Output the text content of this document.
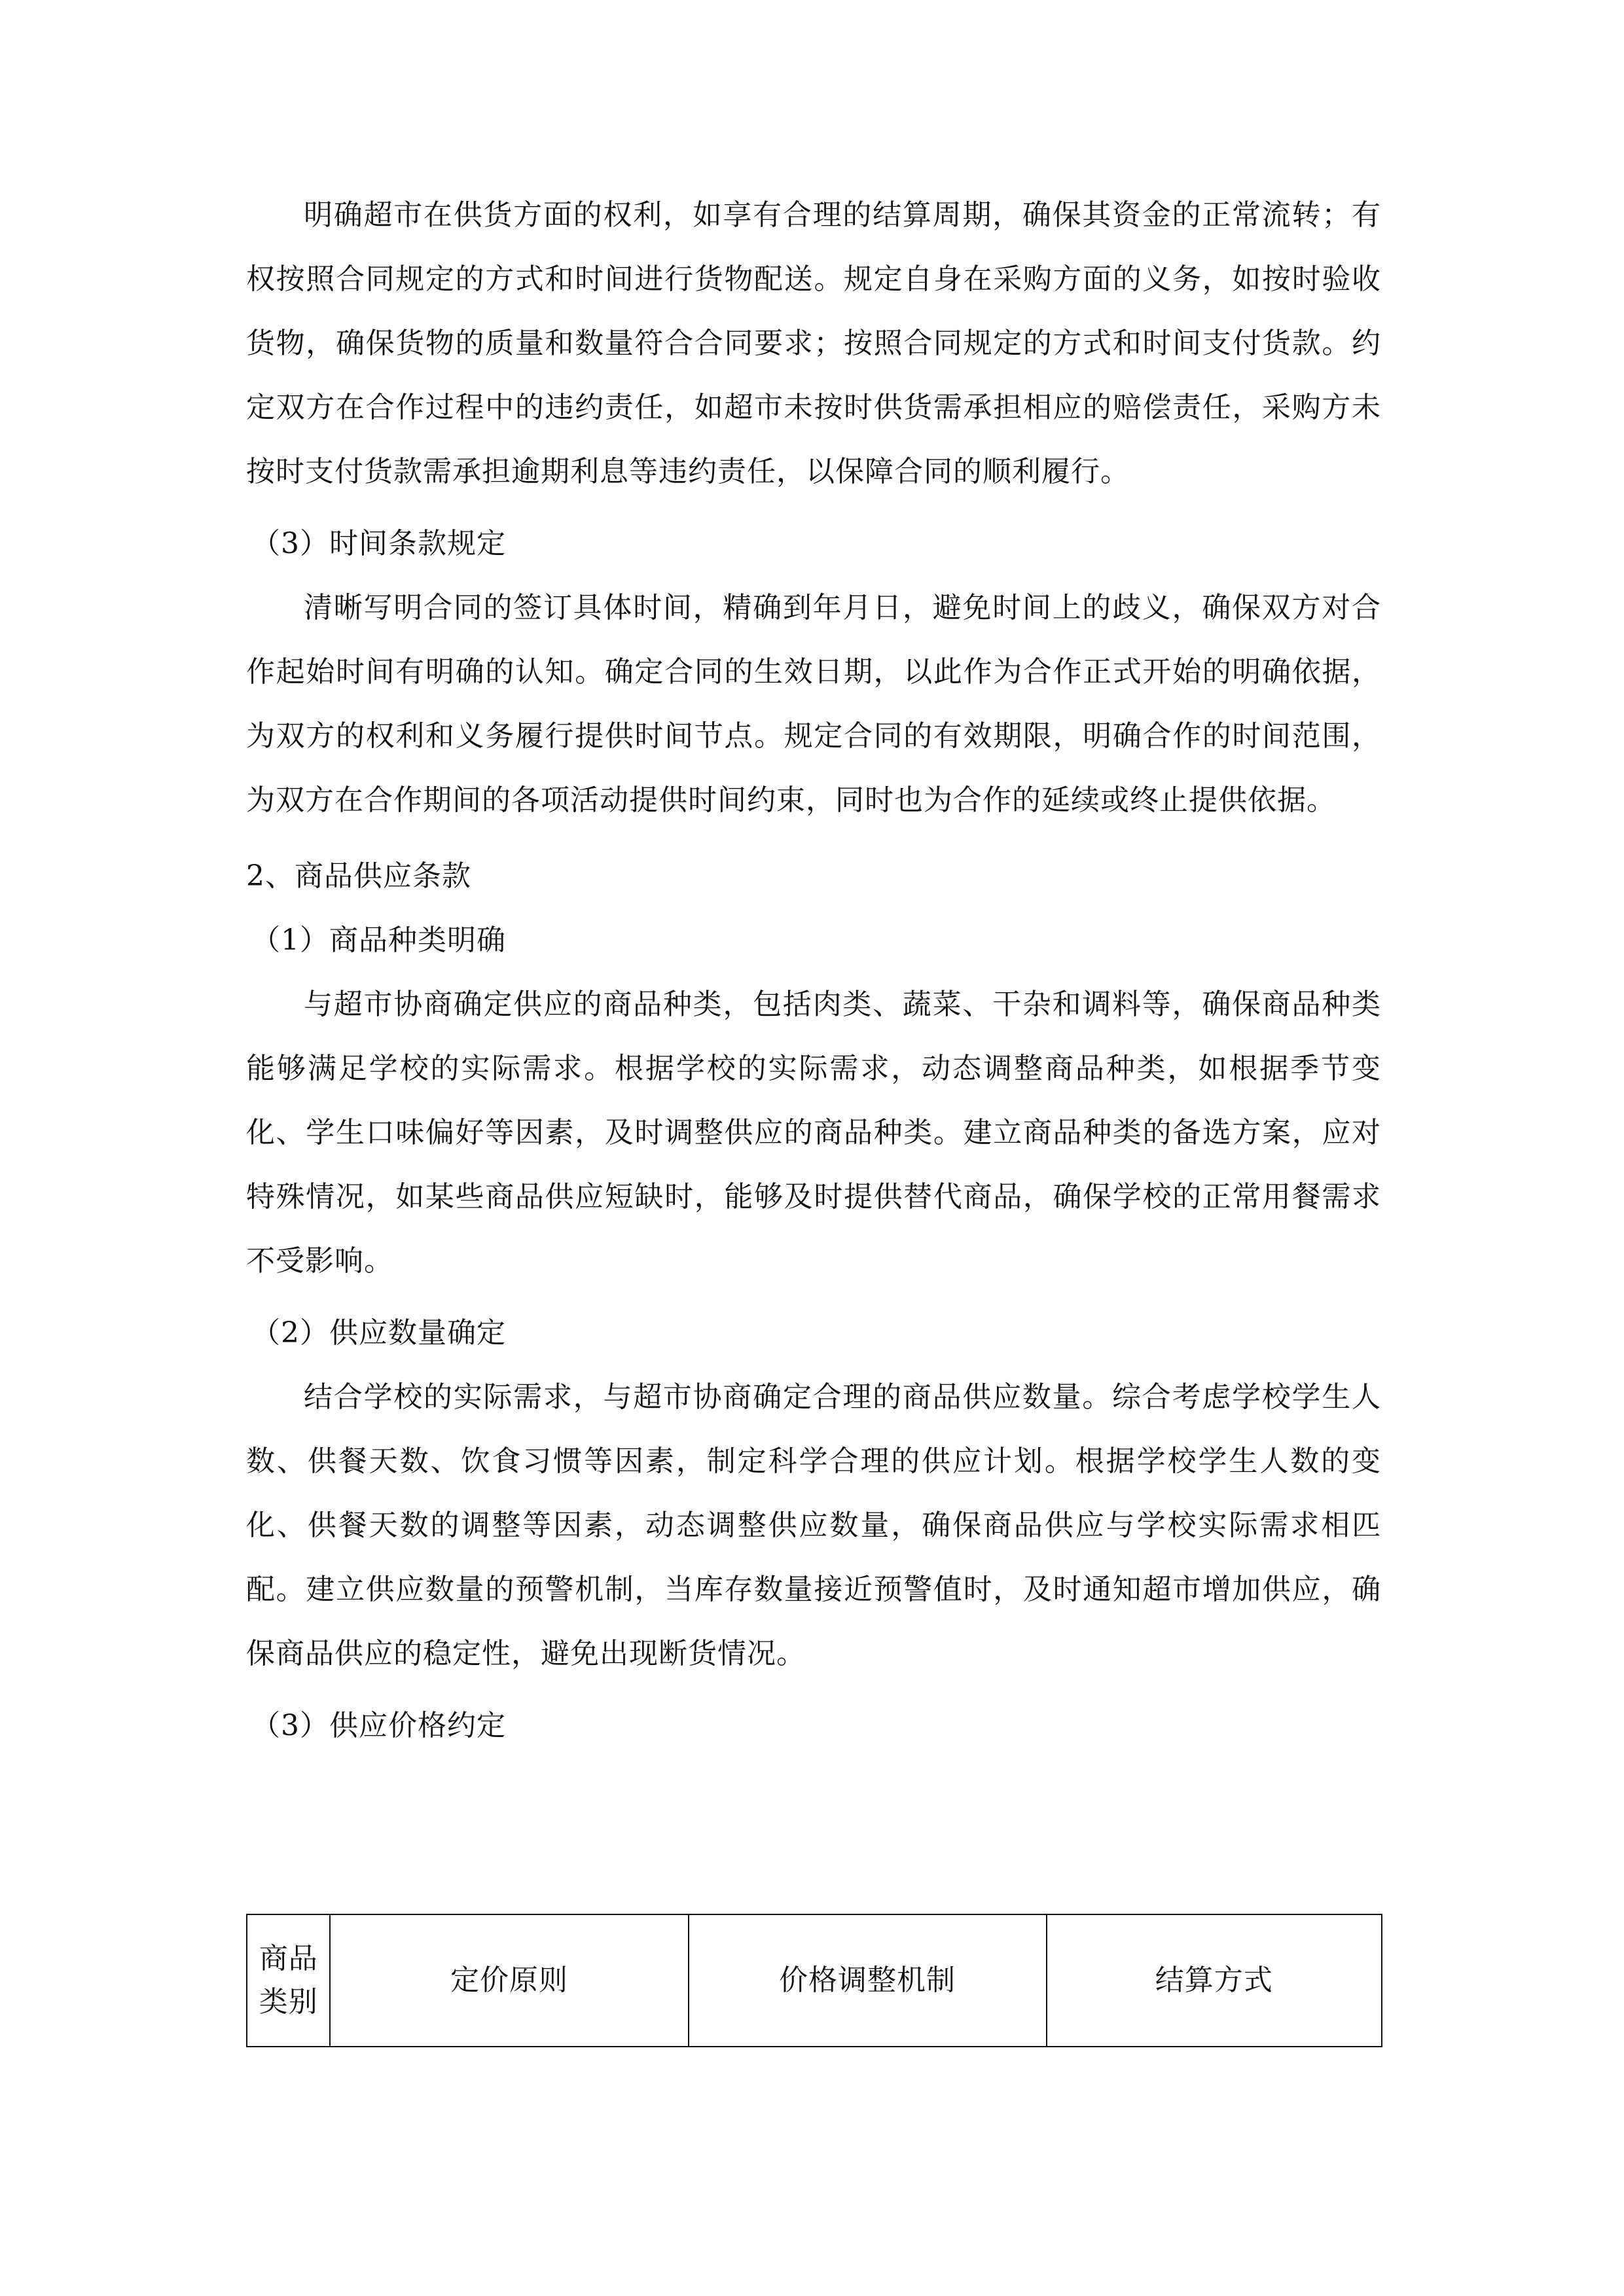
明确超市在供货方面的权利，如享有合理的结算周期，确保其资金的正常流转；有权按照合同规定的方式和时间进行货物配送。规定自身在采购方面的义务，如按时验收货物，确保货物的质量和数量符合合同要求；按照合同规定的方式和时间支付货款。约定双方在合作过程中的违约责任，如超市未按时供货需承担相应的赔偿责任，采购方未按时支付货款需承担逾期利息等违约责任，以保障合同的顺利履行。

（3）时间条款规定

清晰写明合同的签订具体时间，精确到年月日，避免时间上的歧义，确保双方对合作起始时间有明确的认知。确定合同的生效日期，以此作为合作正式开始的明确依据，为双方的权利和义务履行提供时间节点。规定合同的有效期限，明确合作的时间范围，为双方在合作期间的各项活动提供时间约束，同时也为合作的延续或终止提供依据。

2、商品供应条款

（1）商品种类明确

与超市协商确定供应的商品种类，包括肉类、蔬菜、干杂和调料等，确保商品种类能够满足学校的实际需求。根据学校的实际需求，动态调整商品种类，如根据季节变化、学生口味偏好等因素，及时调整供应的商品种类。建立商品种类的备选方案，应对特殊情况，如某些商品供应短缺时，能够及时提供替代商品，确保学校的正常用餐需求不受影响。

（2）供应数量确定

结合学校的实际需求，与超市协商确定合理的商品供应数量。综合考虑学校学生人数、供餐天数、饮食习惯等因素，制定科学合理的供应计划。根据学校学生人数的变化、供餐天数的调整等因素，动态调整供应数量，确保商品供应与学校实际需求相匹配。建立供应数量的预警机制，当库存数量接近预警值时，及时通知超市增加供应，确保商品供应的稳定性，避免出现断货情况。

（3）供应价格约定

商品类别	定价原则	价格调整机制	结算方式
